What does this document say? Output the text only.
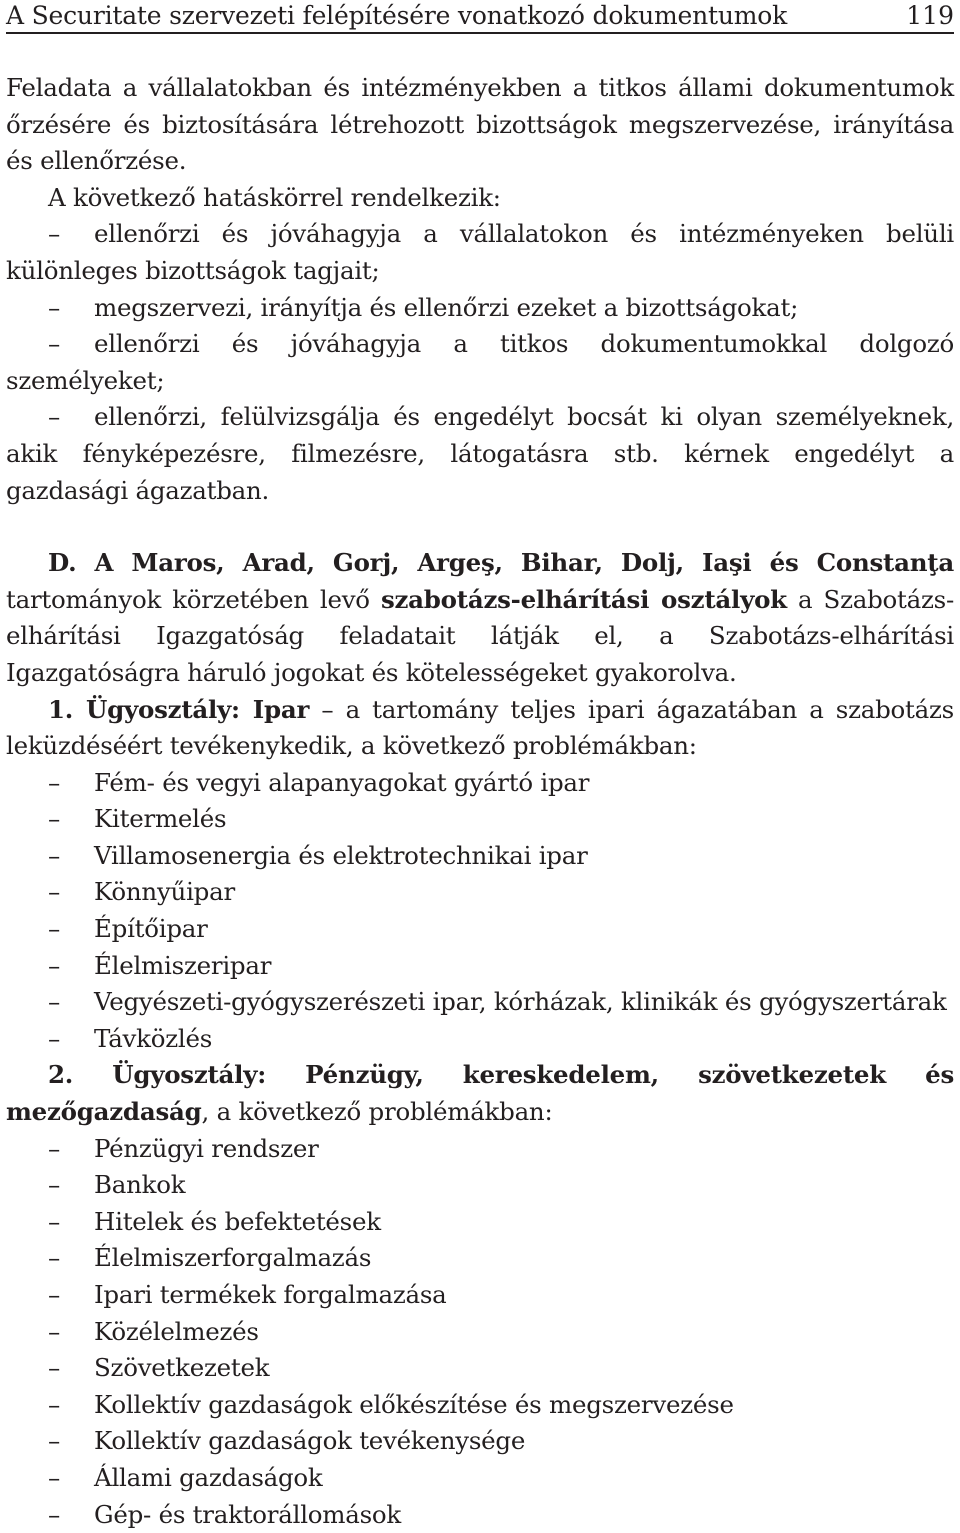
A Securitate szervezeti felépítésére vonatkozó dokumentumok	119

Feladata a vállalatokban és intézményekben a titkos állami dokumentumok őrzésére és biztosítására létrehozott bizottságok megszervezése, irányítása és ellenőrzése.

A következő hatáskörrel rendelkezik:

– ellenőrzi és jóváhagyja a vállalatokon és intézményeken belüli különleges bizottságok tagjait;

– megszervezi, irányítja és ellenőrzi ezeket a bizottságokat;

– ellenőrzi és jóváhagyja a titkos dokumentumokkal dolgozó személyeket;

– ellenőrzi, felülvizsgálja és engedélyt bocsát ki olyan személyeknek, akik fényképezésre, filmezésre, látogatásra stb. kérnek engedélyt a gazdasági ágazatban.

D. A Maros, Arad, Gorj, Argeş, Bihar, Dolj, Iaşi és Constanţa tartományok körzetében levő szabotázs-elhárítási osztályok a Szabotázs-elhárítási Igazgatóság feladatait látják el, a Szabotázs-elhárítási Igazgatóságra háruló jogokat és kötelességeket gyakorolva.

1. Ügyosztály: Ipar – a tartomány teljes ipari ágazatában a szabotázs leküzdéséért tevékenykedik, a következő problémákban:

– Fém- és vegyi alapanyagokat gyártó ipar

– Kitermelés

– Villamosenergia és elektrotechnikai ipar

– Könnyűipar

– Építőipar

– Élelmiszeripar

– Vegyészeti-gyógyszerészeti ipar, kórházak, klinikák és gyógyszertárak

– Távközlés

2. Ügyosztály: Pénzügy, kereskedelem, szövetkezetek és mezőgazdaság, a következő problémákban:

– Pénzügyi rendszer

– Bankok

– Hitelek és befektetések

– Élelmiszerforgalmazás

– Ipari termékek forgalmazása

– Közélelmezés

– Szövetkezetek

– Kollektív gazdaságok előkészítése és megszervezése

– Kollektív gazdaságok tevékenysége

– Állami gazdaságok

– Gép- és traktorállomások
